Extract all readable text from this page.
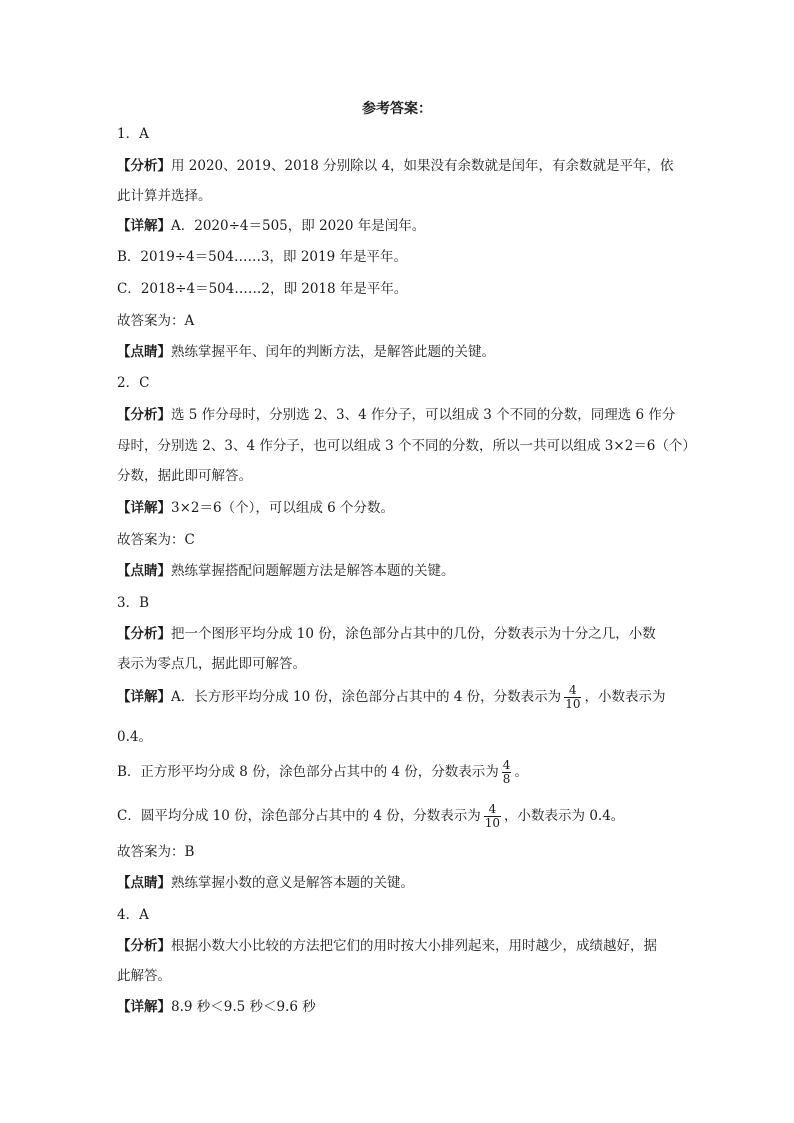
参考答案：
1．A
【分析】用 2020、2019、2018 分别除以 4，如果没有余数就是闰年，有余数就是平年，依
此计算并选择。
【详解】A．2020÷4＝505，即 2020 年是闰年。
B．2019÷4＝504……3，即 2019 年是平年。
C．2018÷4＝504……2，即 2018 年是平年。
故答案为：A
【点睛】熟练掌握平年、闰年的判断方法，是解答此题的关键。
2．C
【分析】选 5 作分母时，分别选 2、3、4 作分子，可以组成 3 个不同的分数，同理选 6 作分
母时，分别选 2、3、4 作分子，也可以组成 3 个不同的分数，所以一共可以组成 3×2＝6（个）
分数，据此即可解答。
【详解】3×2＝6（个），可以组成 6 个分数。
故答案为：C
【点睛】熟练掌握搭配问题解题方法是解答本题的关键。
3．B
【分析】把一个图形平均分成 10 份，涂色部分占其中的几份，分数表示为十分之几，小数
表示为零点几，据此即可解答。
【详解】A．长方形平均分成 10 份，涂色部分占其中的 4 份，分数表示为 $\frac{4}{10}$ ，小数表示为
0.4。
B．正方形平均分成 8 份，涂色部分占其中的 4 份，分数表示为 $\frac{4}{8}$ 。
C．圆平均分成 10 份，涂色部分占其中的 4 份，分数表示为 $\frac{4}{10}$ ，小数表示为 0.4。
故答案为：B
【点睛】熟练掌握小数的意义是解答本题的关键。
4．A
【分析】根据小数大小比较的方法把它们的用时按大小排列起来，用时越少，成绩越好，据
此解答。
【详解】8.9 秒＜9.5 秒＜9.6 秒
